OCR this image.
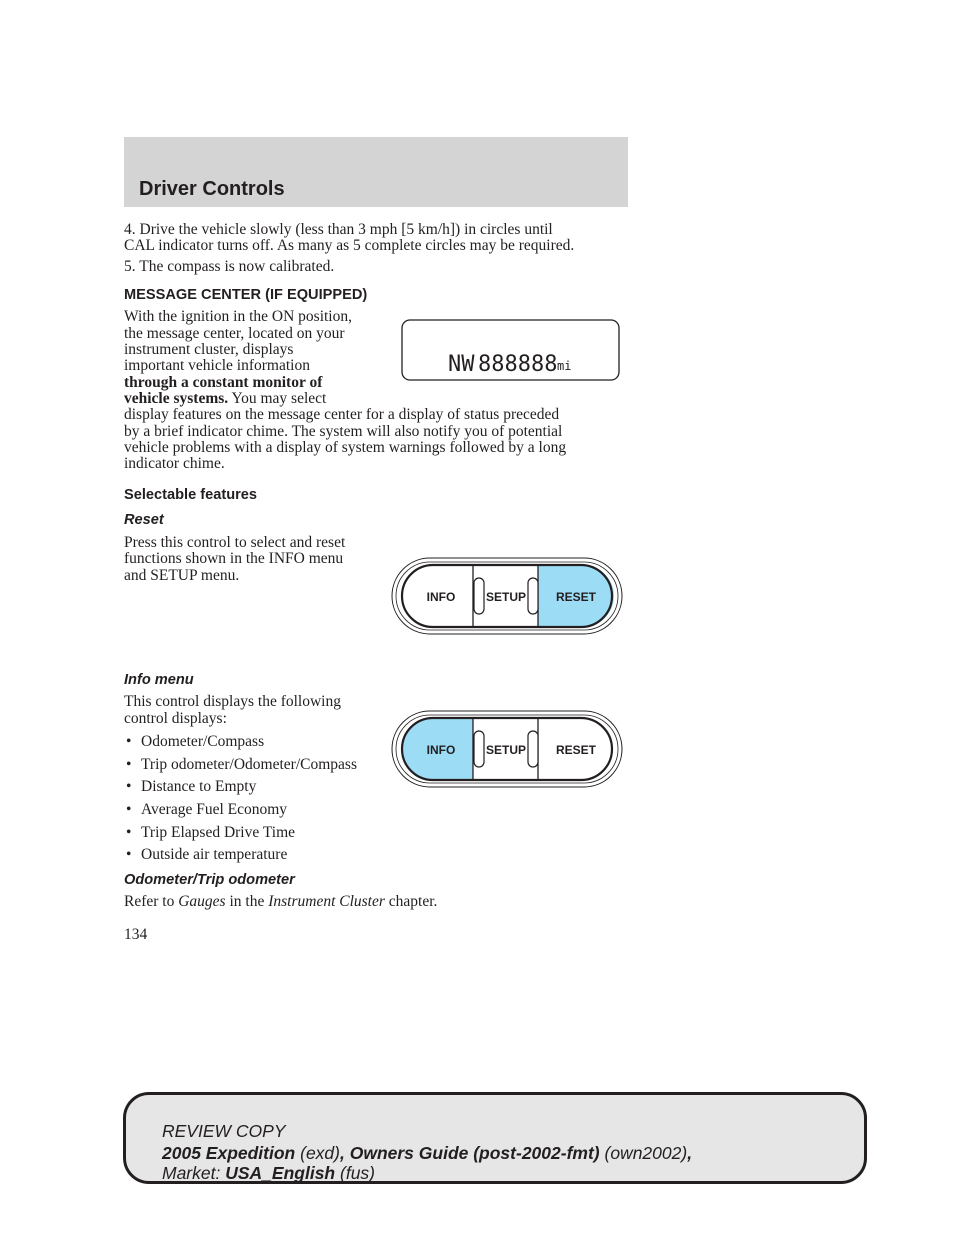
Driver Controls
4. Drive the vehicle slowly (less than 3 mph [5 km/h]) in circles until
CAL indicator turns off. As many as 5 complete circles may be required.
5. The compass is now calibrated.
MESSAGE CENTER (IF EQUIPPED)
With the ignition in the ON position,
the message center, located on your
instrument cluster, displays
important vehicle information
through a constant monitor of
vehicle systems. You may select
display features on the message center for a display of status preceded
by a brief indicator chime. The system will also notify you of potential
vehicle problems with a display of system warnings followed by a long
indicator chime.
NW 888888 mi
Selectable features
Reset
Press this control to select and reset
functions shown in the INFO menu
and SETUP menu.
INFO	SETUP RESET
Info menu
This control displays the following
control displays:
• Odometer/Compass
• Trip odometer/Odometer/Compass
• Distance to Empty
• Average Fuel Economy
• Trip Elapsed Drive Time
• Outside air temperature
INFO	SETUP RESET
Odometer/Trip odometer
Refer to Gauges in the Instrument Cluster chapter.
134
REVIEW COPY
2005 Expedition (exd), Owners Guide (post-2002-fmt) (own2002),
Market: USA_English (fus)
